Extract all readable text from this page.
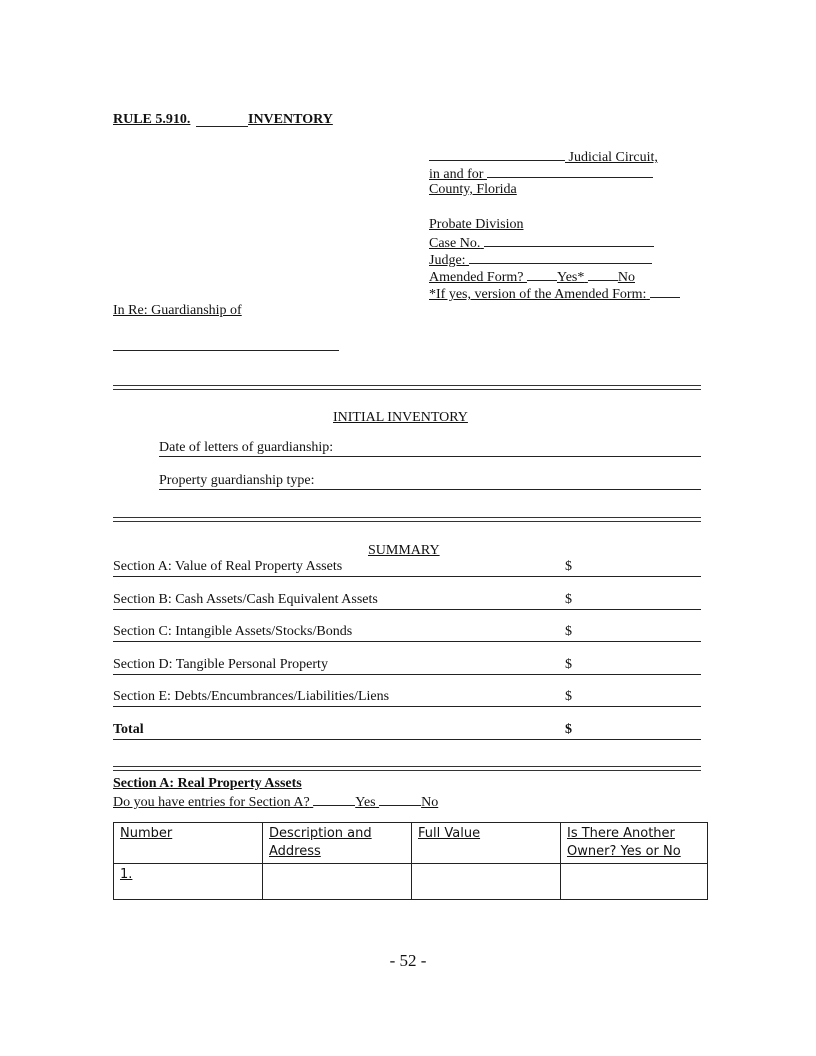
RULE 5.910.	INVENTORY
Judicial Circuit,
in and for
County, Florida
Probate Division
Case No.
Judge:
Amended Form? Yes* No
*If yes, version of the Amended Form:
In Re: Guardianship of
INITIAL INVENTORY
Date of letters of guardianship:
Property guardianship type:
SUMMARY
Section A: Value of Real Property Assets	$
Section B: Cash Assets/Cash Equivalent Assets	$
Section C: Intangible Assets/Stocks/Bonds	$
Section D: Tangible Personal Property	$
Section E: Debts/Encumbrances/Liabilities/Liens	$
Total	$
Section A: Real Property Assets
Do you have entries for Section A?	Yes	No
Number	Description and Address	Full Value	Is There Another Owner? Yes or No
1.			
- 52 -
